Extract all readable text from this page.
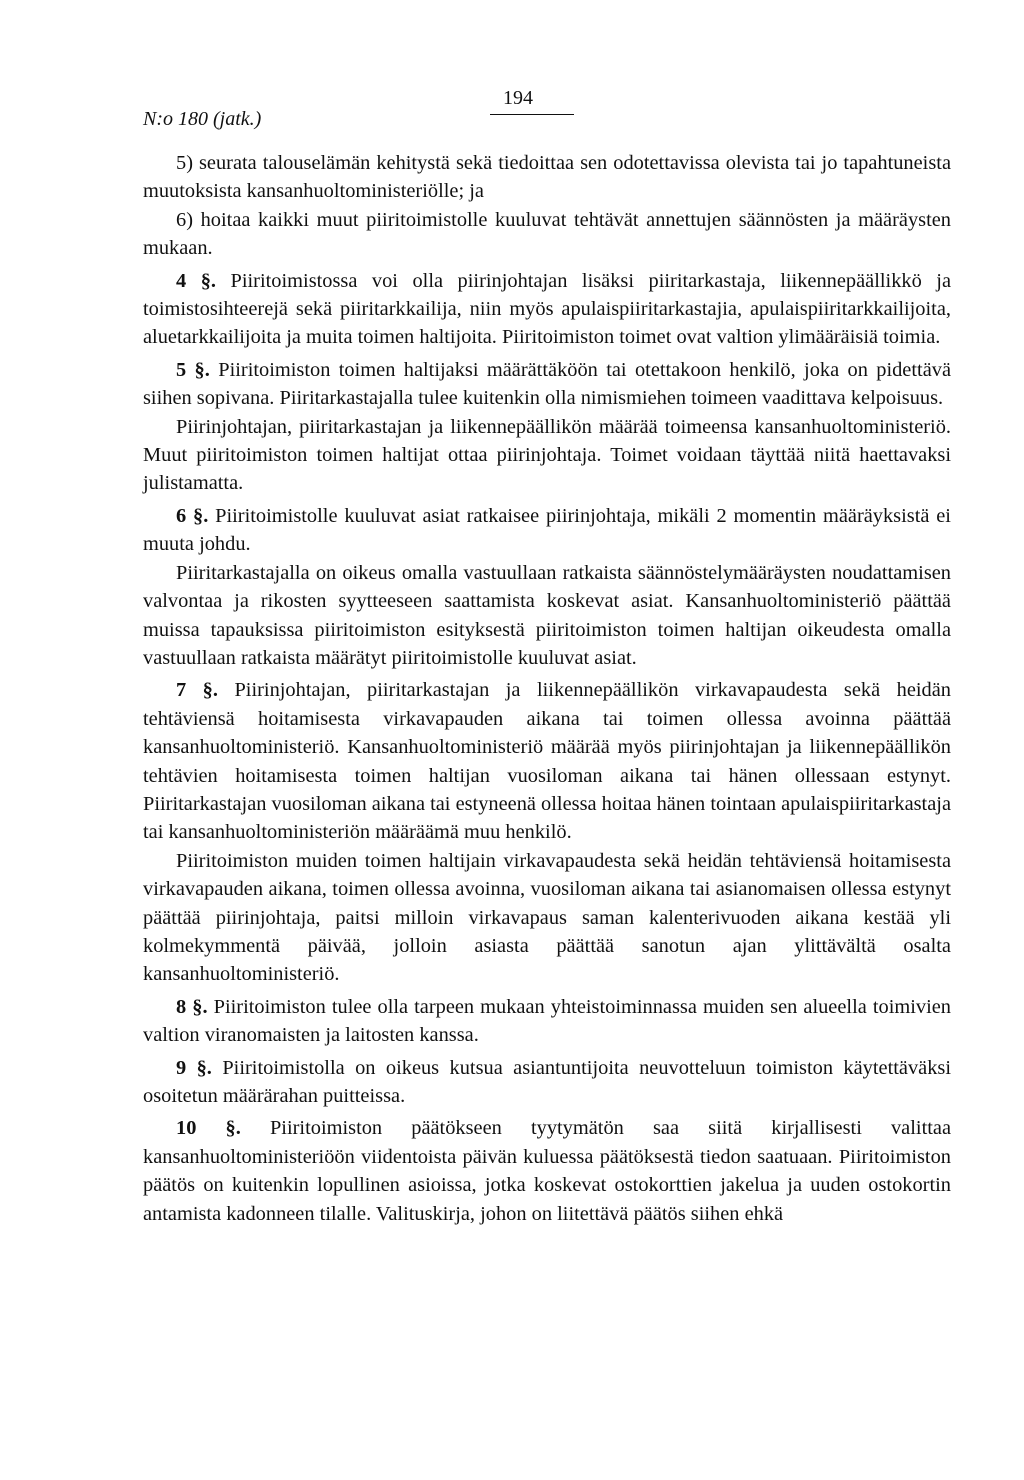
194
N:o 180 (jatk.)

5) seurata talouselämän kehitystä sekä tiedoittaa sen odotettavissa olevista tai jo tapahtuneista muutoksista kansanhuoltoministeriölle; ja

6) hoitaa kaikki muut piiritoimistolle kuuluvat tehtävät annettujen säännösten ja määräysten mukaan.

4 §. Piiritoimistossa voi olla piirinjohtajan lisäksi piiritarkastaja, liikennepäällikkö ja toimistosihteerejä sekä piiritarkkailija, niin myös apulaispiiritarkastajia, apulaispiiritarkkailijoita, aluetarkkailijoita ja muita toimen haltijoita. Piiritoimiston toimet ovat valtion ylimääräisiä toimia.

5 §. Piiritoimiston toimen haltijaksi määrättäköön tai otettakoon henkilö, joka on pidettävä siihen sopivana. Piiritarkastajalla tulee kuitenkin olla nimismiehen toimeen vaadittava kelpoisuus.

Piirinjohtajan, piiritarkastajan ja liikennepäällikön määrää toimeensa kansanhuoltoministeriö. Muut piiritoimiston toimen haltijat ottaa piirinjohtaja. Toimet voidaan täyttää niitä haettavaksi julistamatta.

6 §. Piiritoimistolle kuuluvat asiat ratkaisee piirinjohtaja, mikäli 2 momentin määräyksistä ei muuta johdu.

Piiritarkastajalla on oikeus omalla vastuullaan ratkaista säännöstelymääräysten noudattamisen valvontaa ja rikosten syytteeseen saattamista koskevat asiat. Kansanhuoltoministeriö päättää muissa tapauksissa piiritoimiston esityksestä piiritoimiston toimen haltijan oikeudesta omalla vastuullaan ratkaista määrätyt piiritoimistolle kuuluvat asiat.

7 §. Piirinjohtajan, piiritarkastajan ja liikennepäällikön virkavapaudesta sekä heidän tehtäviensä hoitamisesta virkavapauden aikana tai toimen ollessa avoinna päättää kansanhuoltoministeriö. Kansanhuoltoministeriö määrää myös piirinjohtajan ja liikennepäällikön tehtävien hoitamisesta toimen haltijan vuosiloman aikana tai hänen ollessaan estynyt. Piiritarkastajan vuosiloman aikana tai estyneenä ollessa hoitaa hänen tointaan apulaispiiritarkastaja tai kansanhuoltoministeriön määräämä muu henkilö.

Piiritoimiston muiden toimen haltijain virkavapaudesta sekä heidän tehtäviensä hoitamisesta virkavapauden aikana, toimen ollessa avoinna, vuosiloman aikana tai asianomaisen ollessa estynyt päättää piirinjohtaja, paitsi milloin virkavapaus saman kalenterivuoden aikana kestää yli kolmekymmentä päivää, jolloin asiasta päättää sanotun ajan ylittävältä osalta kansanhuoltoministeriö.

8 §. Piiritoimiston tulee olla tarpeen mukaan yhteistoiminnassa muiden sen alueella toimivien valtion viranomaisten ja laitosten kanssa.

9 §. Piiritoimistolla on oikeus kutsua asiantuntijoita neuvotteluun toimiston käytettäväksi osoitetun määrärahan puitteissa.

10 §. Piiritoimiston päätökseen tyytymätön saa siitä kirjallisesti valittaa kansanhuoltoministeriöön viidentoista päivän kuluessa päätöksestä tiedon saatuaan. Piiritoimiston päätös on kuitenkin lopullinen asioissa, jotka koskevat ostokorttien jakelua ja uuden ostokortin antamista kadonneen tilalle. Valituskirja, johon on liitettävä päätös siihen ehkä
